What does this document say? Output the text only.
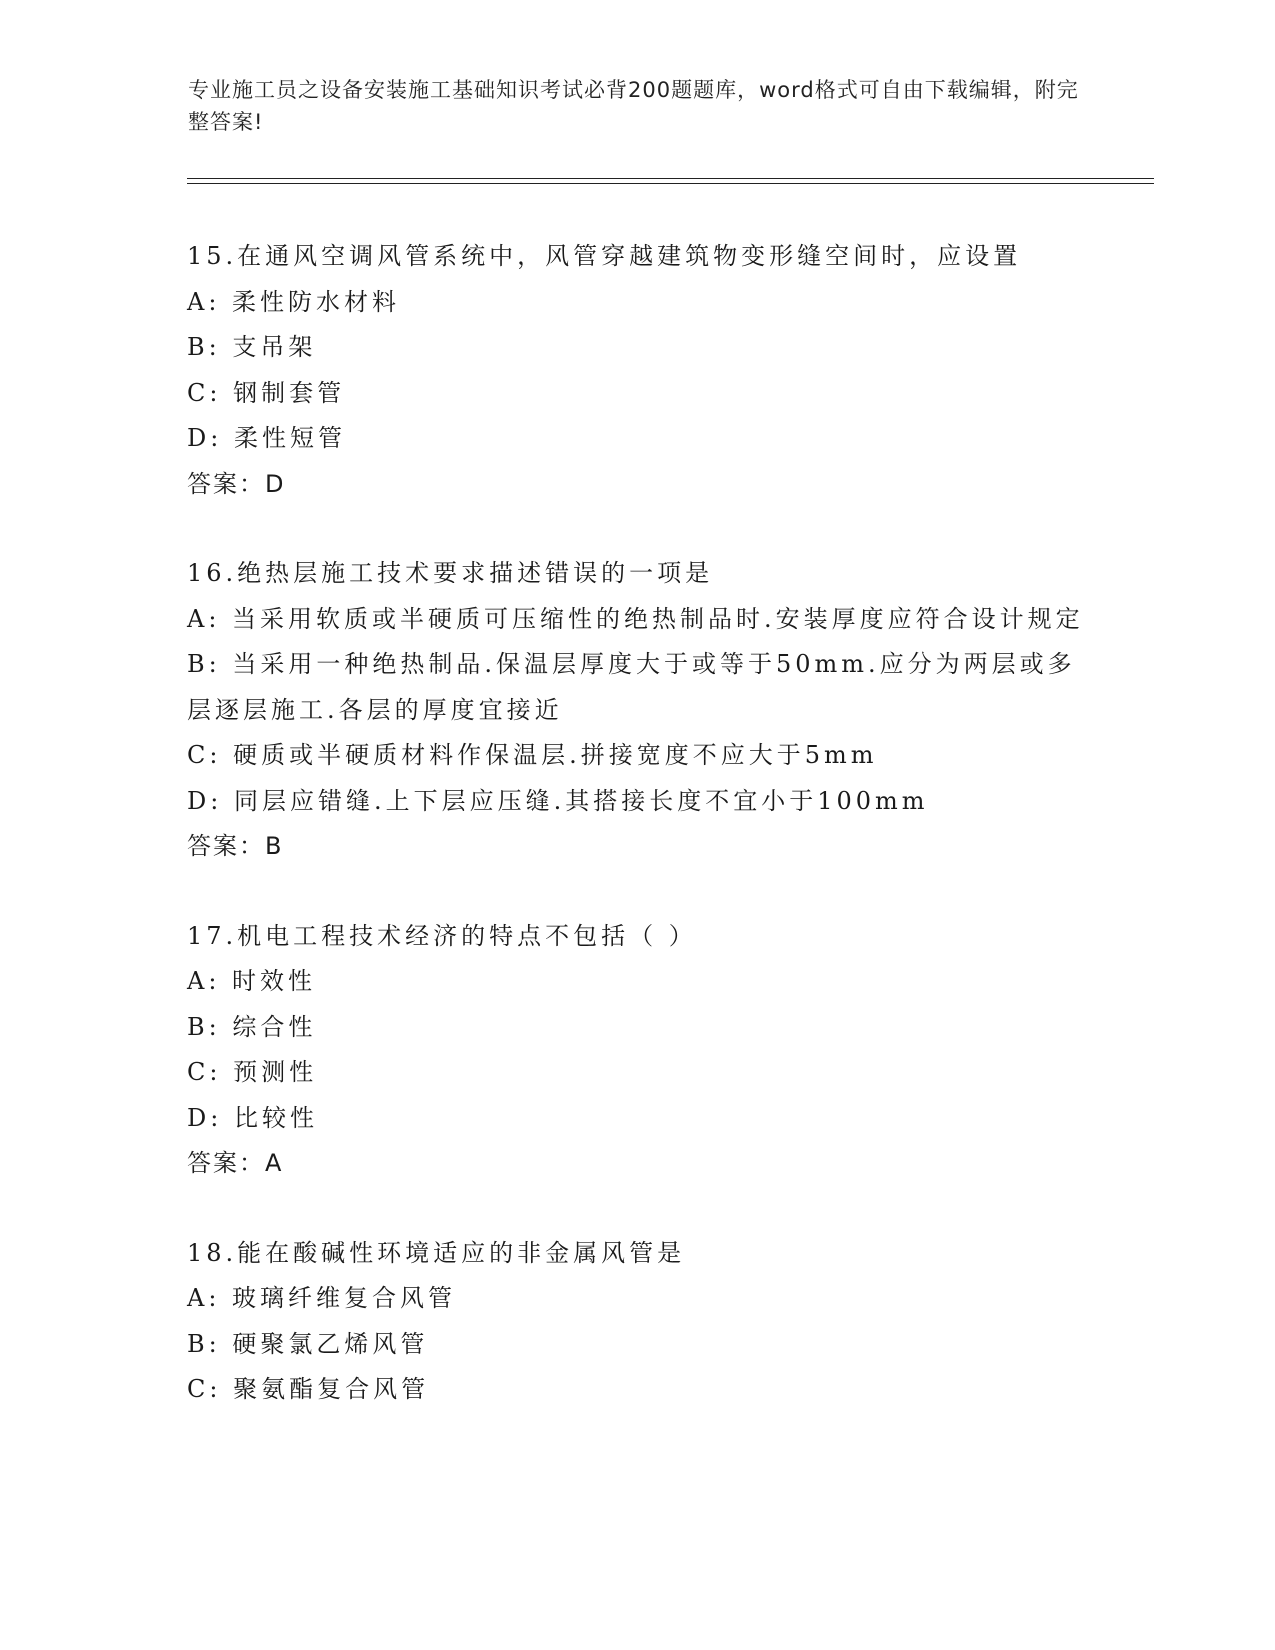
专业施工员之设备安装施工基础知识考试必背200题题库，word格式可自由下载编辑，附完整答案!
15.在通风空调风管系统中，风管穿越建筑物变形缝空间时，应设置
A: 柔性防水材料
B: 支吊架
C: 钢制套管
D: 柔性短管
答案：D
16.绝热层施工技术要求描述错误的一项是
A: 当采用软质或半硬质可压缩性的绝热制品时.安装厚度应符合设计规定
B: 当采用一种绝热制品.保温层厚度大于或等于50mm.应分为两层或多层逐层施工.各层的厚度宜接近
C: 硬质或半硬质材料作保温层.拼接宽度不应大于5mm
D: 同层应错缝.上下层应压缝.其搭接长度不宜小于100mm
答案：B
17.机电工程技术经济的特点不包括（ ）
A: 时效性
B: 综合性
C: 预测性
D: 比较性
答案：A
18.能在酸碱性环境适应的非金属风管是
A: 玻璃纤维复合风管
B: 硬聚氯乙烯风管
C: 聚氨酯复合风管
